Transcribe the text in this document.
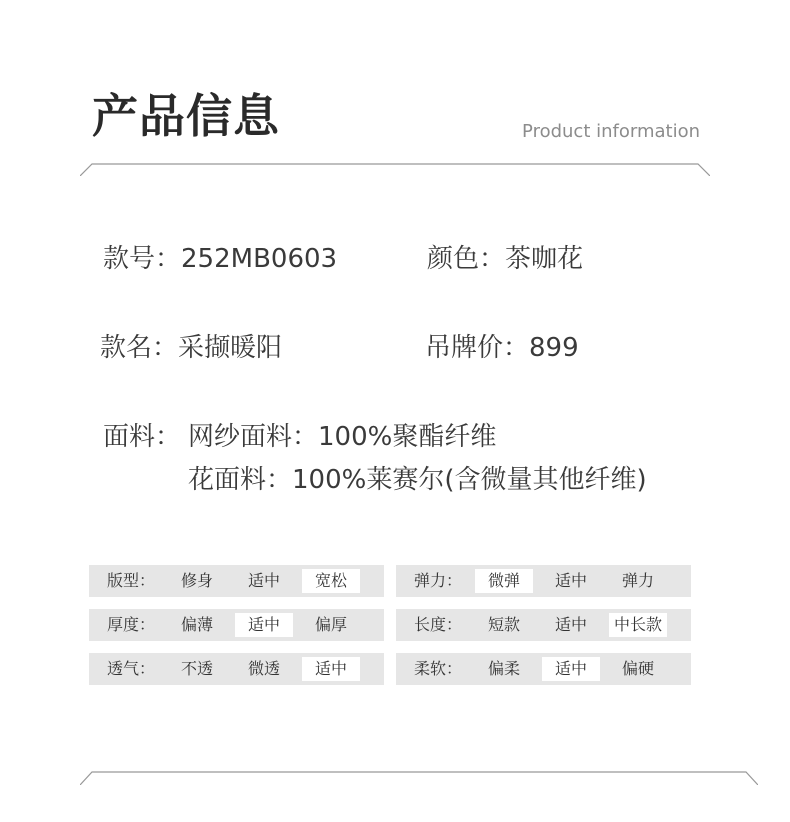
产品信息	Product information
款号：252MB0603	颜色：茶咖花
款名：采撷暖阳	吊牌价：899
面料： 网纱面料：100%聚酯纤维
花面料：100%莱赛尔(含微量其他纤维)
版型：	修身	适中	宽松	弹力：	微弹	适中	弹力
厚度：	偏薄	适中	偏厚	长度：	短款	适中	中长款
透气：	不透	微透	适中	柔软：	偏柔	适中	偏硬
